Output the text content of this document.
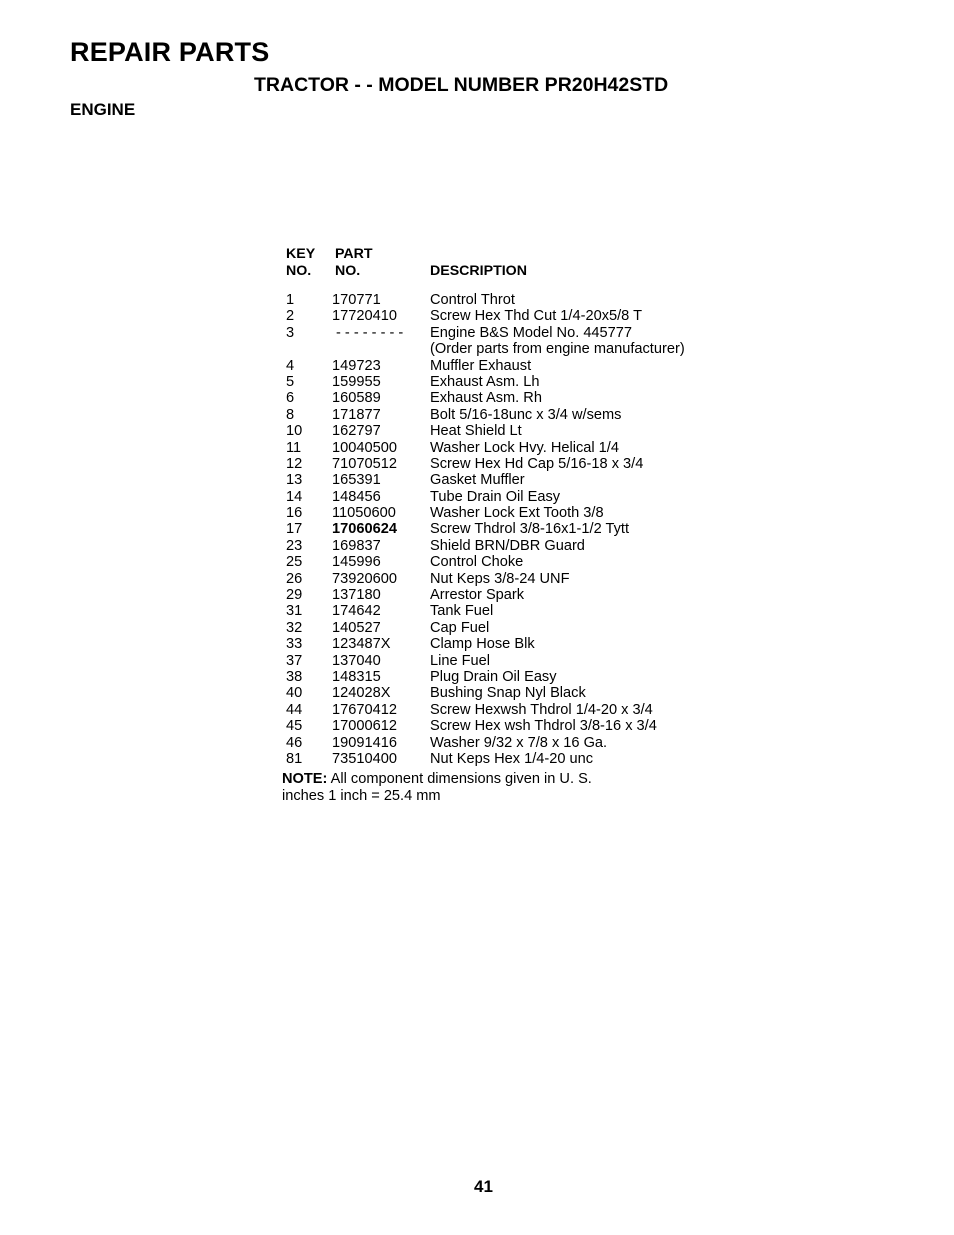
REPAIR PARTS
TRACTOR - - MODEL NUMBER PR20H42STD
ENGINE
KEY
NO.
PART
NO.	DESCRIPTION
1	170771	Control Throt
2	17720410 Screw Hex Thd Cut 1/4-20x5/8 T
3	- - - - - - - - Engine B&S Model No. 445777
(Order parts from engine manufacturer)
4	149723	Muffler Exhaust
5	159955	Exhaust Asm. Lh
6	160589	Exhaust Asm. Rh
8	171877	Bolt 5/16-18unc x 3/4 w/sems
10 162797	Heat Shield Lt
11 10040500 Washer Lock Hvy. Helical 1/4
12 71070512 Screw Hex Hd Cap 5/16-18 x 3/4
13 165391	Gasket Muffler
14 148456	Tube Drain Oil Easy
16 11050600 Washer Lock Ext Tooth 3/8
17 17060624 Screw Thdrol 3/8-16x1-1/2 Tytt
23 169837	Shield BRN/DBR Guard
25 145996	Control Choke
26 73920600 Nut Keps 3/8-24 UNF
29 137180	Arrestor Spark
31 174642	Tank Fuel
32 140527	Cap Fuel
33 123487X	Clamp Hose Blk
37 137040	Line Fuel
38 148315	Plug Drain Oil Easy
40 124028X	Bushing Snap Nyl Black
44 17670412 Screw Hexwsh Thdrol 1/4-20 x 3/4
45 17000612 Screw Hex wsh Thdrol 3/8-16 x 3/4
46 19091416 Washer 9/32 x 7/8 x 16 Ga.
81 73510400 Nut Keps Hex 1/4-20 unc
NOTE: All component dimensions given in U. S.
inches 1 inch = 25.4 mm
41
